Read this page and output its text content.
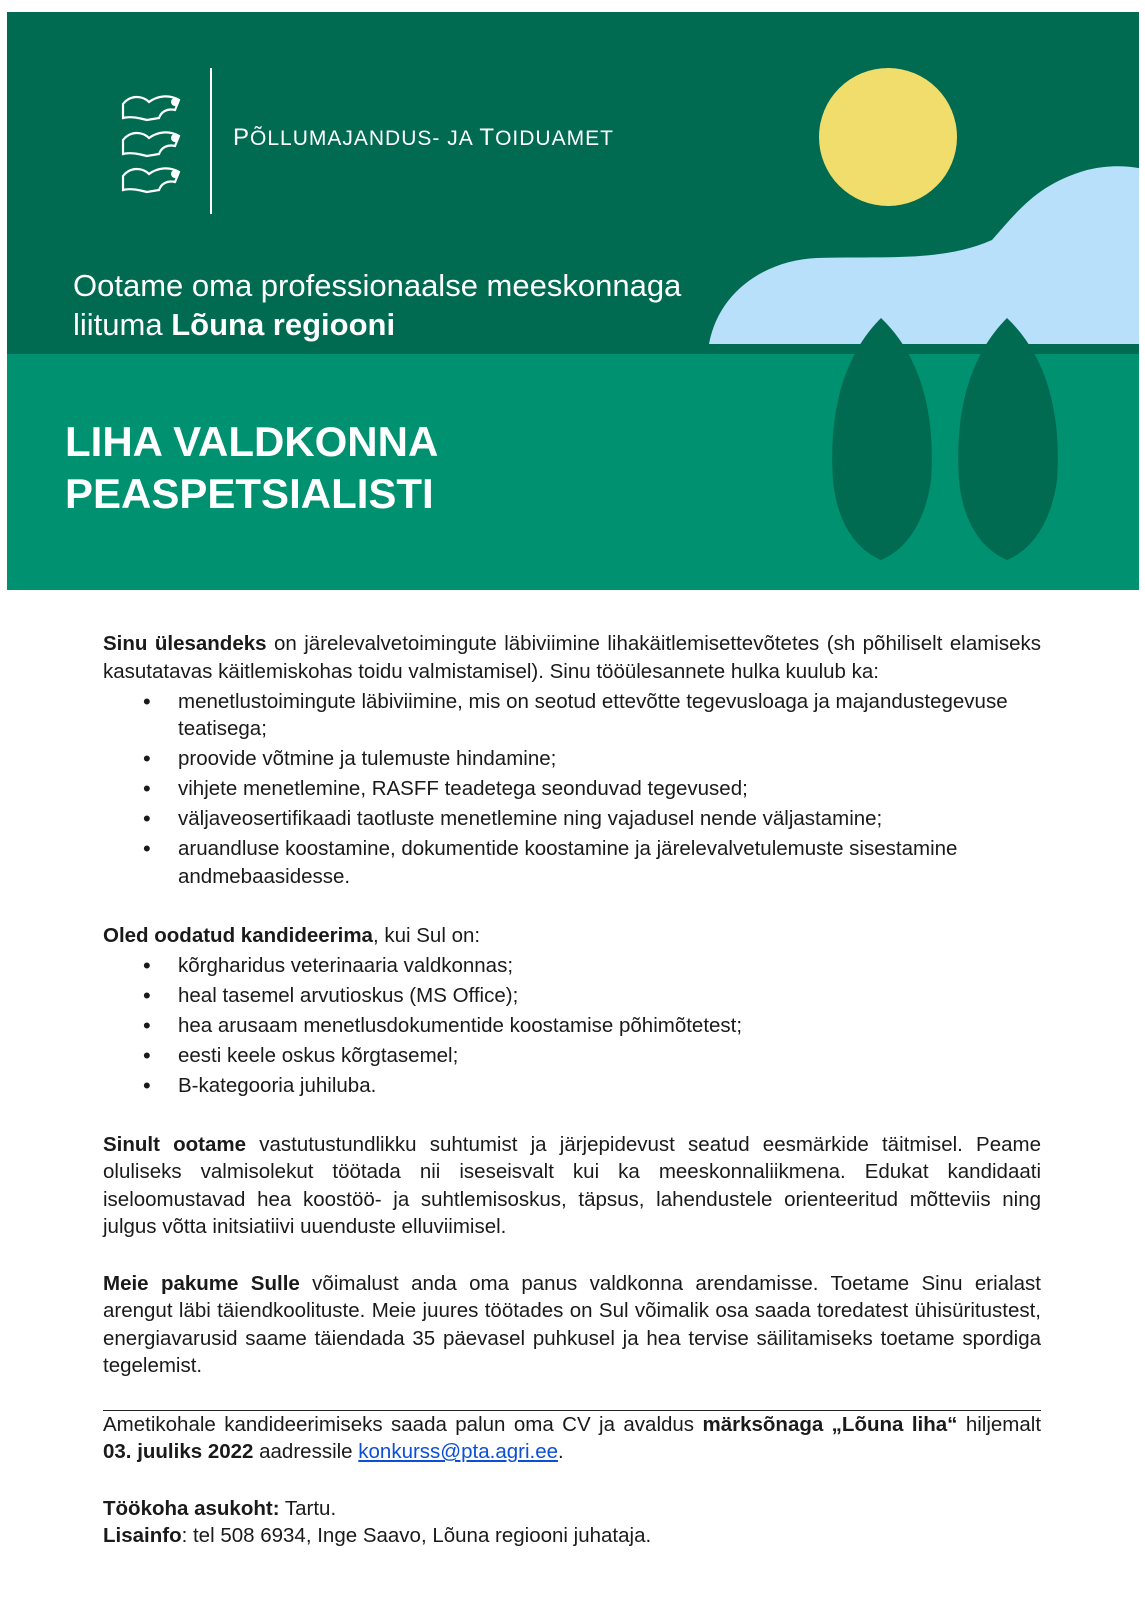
PÕLLUMAJANDUS- JA TOIDUAMET
Ootame oma professionaalse meeskonnaga
liituma Lõuna regiooni
LIHA VALDKONNA
PEASPETSIALISTI

Sinu ülesandeks on järelevalvetoimingute läbiviimine lihakäitlemisettevõtetes (sh põhiliselt elamiseks kasutatavas käitlemiskohas toidu valmistamisel). Sinu tööülesannete hulka kuulub ka:

• menetlustoimingute läbiviimine, mis on seotud ettevõtte tegevusloaga ja majandustegevuse teatisega;
• proovide võtmine ja tulemuste hindamine;
• vihjete menetlemine, RASFF teadetega seonduvad tegevused;
• väljaveosertifikaadi taotluste menetlemine ning vajadusel nende väljastamine;
• aruandluse koostamine, dokumentide koostamine ja järelevalvetulemuste sisestamine andmebaasidesse.

Oled oodatud kandideerima, kui Sul on:

• kõrgharidus veterinaaria valdkonnas;
• heal tasemel arvutioskus (MS Office);
• hea arusaam menetlusdokumentide koostamise põhimõtetest;
• eesti keele oskus kõrgtasemel;
• B-kategooria juhiluba.

Sinult ootame vastutustundlikku suhtumist ja järjepidevust seatud eesmärkide täitmisel. Peame oluliseks valmisolekut töötada nii iseseisvalt kui ka meeskonnaliikmena. Edukat kandidaati iseloomustavad hea koostöö- ja suhtlemisoskus, täpsus, lahendustele orienteeritud mõtteviis ning julgus võtta initsiatiivi uuenduste elluviimisel.

Meie pakume Sulle võimalust anda oma panus valdkonna arendamisse. Toetame Sinu erialast arengut läbi täiendkoolituste. Meie juures töötades on Sul võimalik osa saada toredatest ühisüritustest, energiavarusid saame täiendada 35 päevasel puhkusel ja hea tervise säilitamiseks toetame spordiga tegelemist.

Ametikohale kandideerimiseks saada palun oma CV ja avaldus märksõnaga „Lõuna liha“ hiljemalt 03. juuliks 2022 aadressile konkurss@pta.agri.ee.

Töökoha asukoht: Tartu.

Lisainfo: tel 508 6934, Inge Saavo, Lõuna regiooni juhataja.
